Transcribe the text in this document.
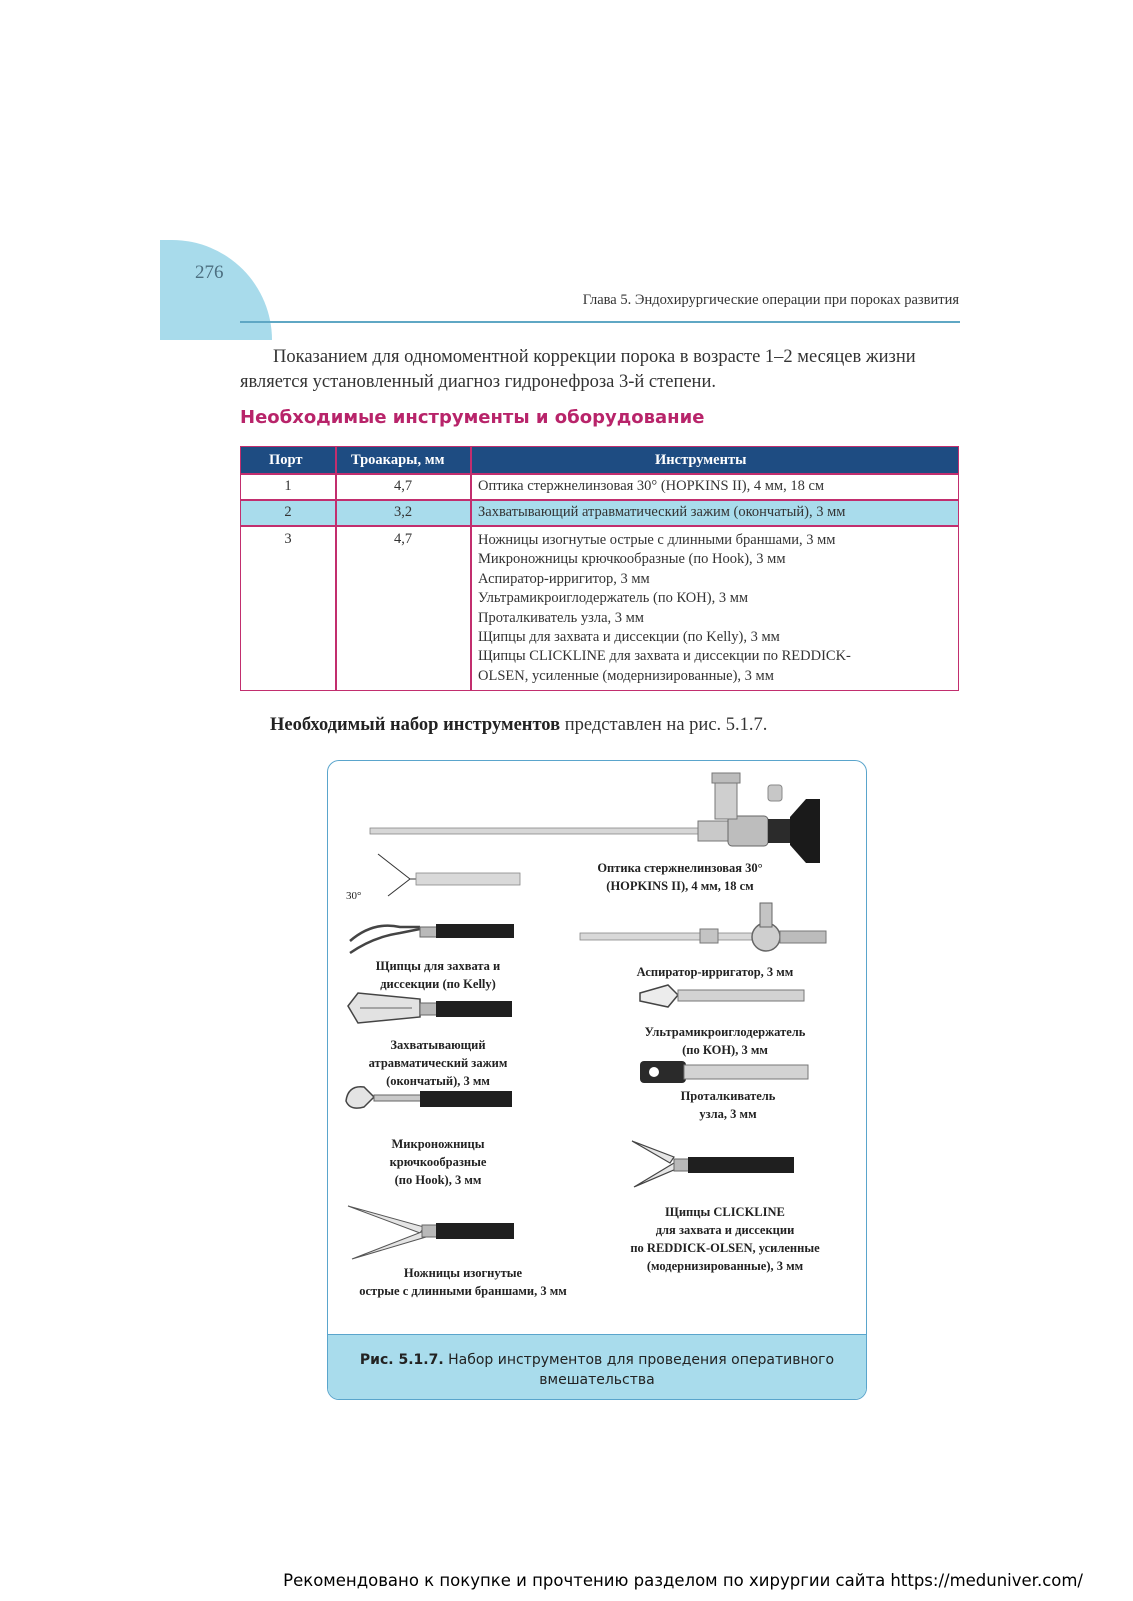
276
Глава 5. Эндохирургические операции при пороках развития
Показанием для одномоментной коррекции порока в возрасте 1–2 месяцев жизни является установленный диагноз гидронефроза 3-й степени.
Необходимые инструменты и оборудование
Порт	Троакары, мм	Инструменты
1	4,7	Оптика стержнелинзовая 30° (HOPKINS II), 4 мм, 18 см
2	3,2	Захватывающий атравматический зажим (окончатый), 3 мм
3	4,7	Ножницы изогнутые острые с длинными браншами, 3 мм
Микроножницы крючкообразные (по Hook), 3 мм
Аспиратор-ирригитор, 3 мм
Ультрамикроиглодержатель (по КОН), 3 мм
Проталкиватель узла, 3 мм
Щипцы для захвата и диссекции (по Kelly), 3 мм
Щипцы CLICKLINE для захвата и диссекции по REDDICK-
OLSEN, усиленные (модернизированные), 3 мм
Необходимый набор инструментов представлен на рис. 5.1.7.
30°
Оптика стержнелинзовая 30°
(HOPKINS II), 4 мм, 18 см
Щипцы для захвата и
диссекции (по Kelly)
Аспиратор-ирригатор, 3 мм
Захватывающий
атравматический зажим
(окончатый), 3 мм
Ультрамикроиглодержатель
(по КОН), 3 мм
Проталкиватель
узла, 3 мм
Микроножницы
крючкообразные
(по Hook), 3 мм
Щипцы CLICKLINE
для захвата и диссекции
по REDDICK-OLSEN, усиленные
(модернизированные), 3 мм
Ножницы изогнутые
острые с длинными браншами, 3 мм
Рис. 5.1.7. Набор инструментов для проведения оперативного вмешательства
Рекомендовано к покупке и прочтению разделом по хирургии сайта https://meduniver.com/
